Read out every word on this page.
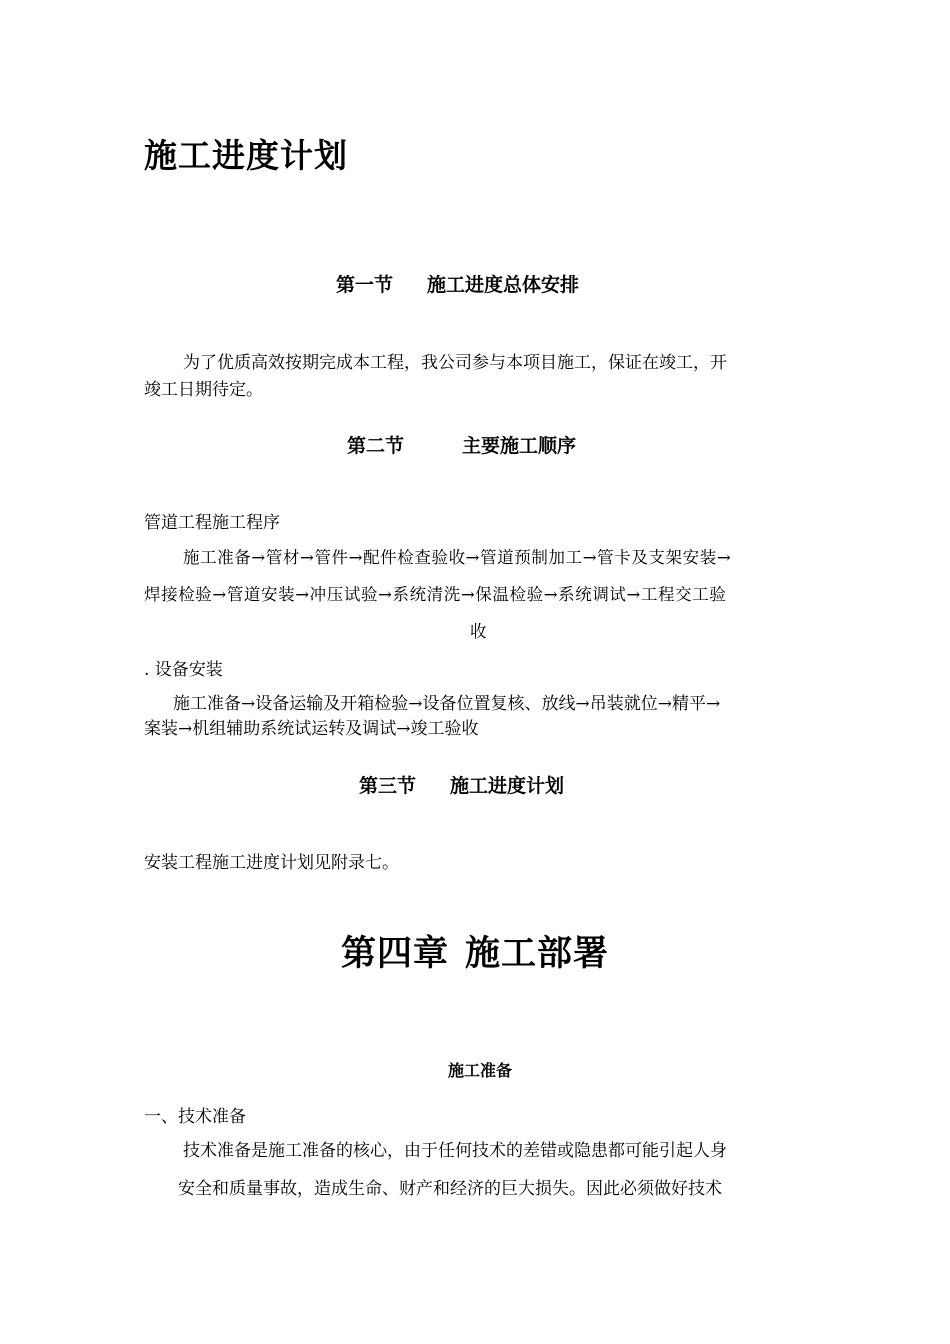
施工进度计划
第一节 施工进度总体安排
为了优质高效按期完成本工程，我公司参与本项目施工，保证在竣工，开
竣工日期待定。
第二节	主要施工顺序
管道工程施工程序
施工准备→管材→管件→配件检查验收→管道预制加工→管卡及支架安装→
焊接检验→管道安装→冲压试验→系统清洗→保温检验→系统调试→工程交工验
收
. 设备安装
施工准备→设备运输及开箱检验→设备位置复核、放线→吊装就位→精平→
案装→机组辅助系统试运转及调试→竣工验收
第三节 施工进度计划
安装工程施工进度计划见附录七。
第四章 施工部署
施工准备
一、技术准备
技术准备是施工准备的核心，由于任何技术的差错或隐患都可能引起人身
安全和质量事故，造成生命、财产和经济的巨大损失。因此必须做好技术
